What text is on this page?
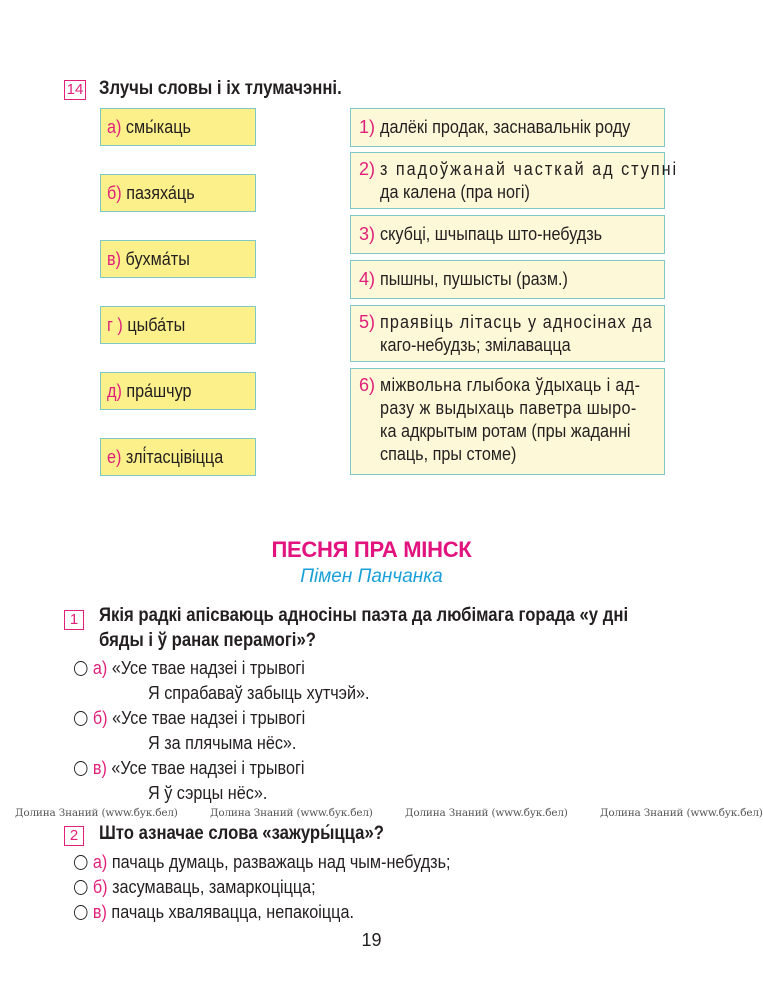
14 Злучы словы і іх тлумачэнні.
а) смы́каць
б) пазяха́ць
в) бухма́ты
г ) цыба́ты
д) пра́шчур
е) злі́тасцівіцца
1) далёкі продак, заснавальнік роду
2) з падоўжанай часткай ад ступні
да калена (пра ногі)
3) скубці, шчыпаць што-небудзь
4) пышны, пушысты (разм.)
5) праявіць літасць у адносінах да
каго-небудзь; змілавацца
6) міжвольна глыбока ўдыхаць і ад-
разу ж выдыхаць паветра шыро-
ка адкрытым ротам (пры жаданні
спаць, пры стоме)
ПЕСНЯ ПРА МІНСК
Пімен Панчанка
1	Якія радкі апісваюць адносіны паэта да любімага горада «у дні
бяды і ў ранак перамогі»?
а) «Усе твае надзеі і трывогі
Я спрабаваў забыць хутчэй».
б) «Усе твае надзеі і трывогі
Я за плячыма нёс».
в) «Усе твае надзеі і трывогі
Я ў сэрцы нёс».
Долина Знаний (www.бук.бел)	Долина Знаний (www.бук.бел)	Долина Знаний (www.бук.бел)	Долина Знаний (www.бук.бел)
2	Што азначае слова «зажуры́цца»?
а) пачаць думаць, разважаць над чым-небудзь;
б) засумаваць, замаркоціцца;
в) пачаць хвалявацца, непакоіцца.
19
